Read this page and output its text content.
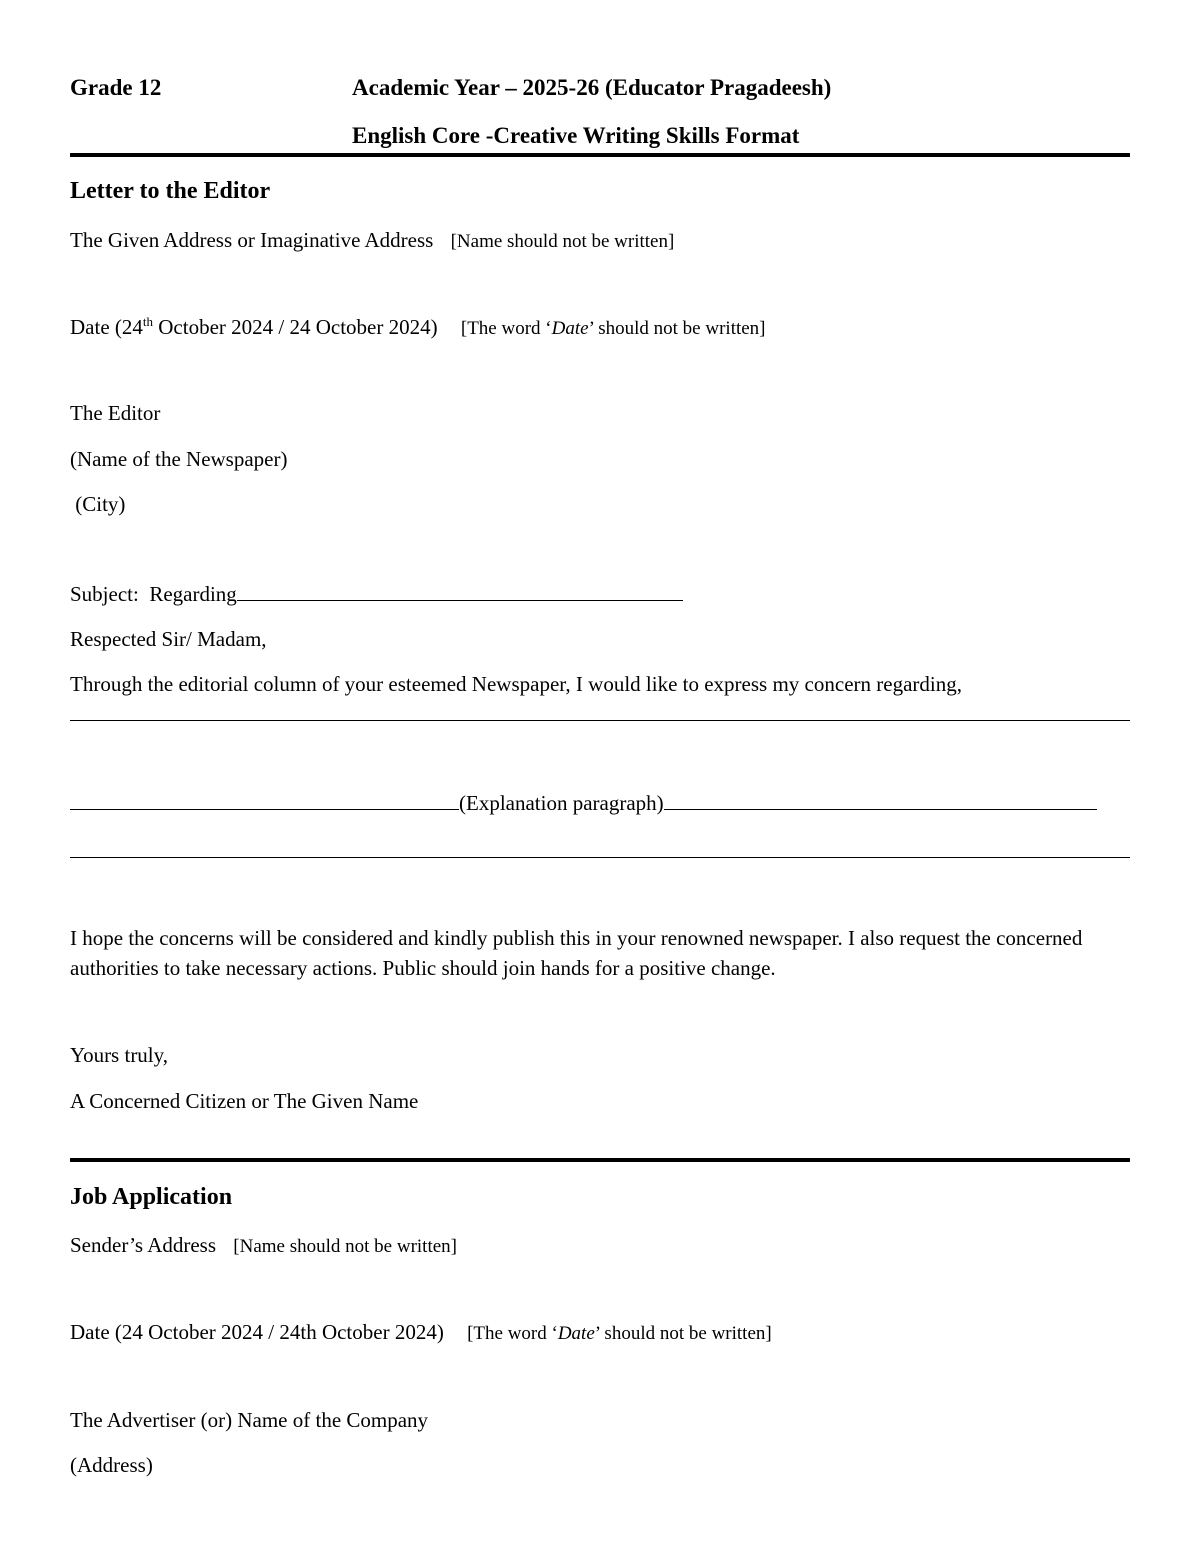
Grade 12	Academic Year – 2025-26 (Educator Pragadeesh)

English Core -Creative Writing Skills Format

Letter to the Editor

The Given Address or Imaginative Address [Name should not be written]

Date (24th October 2024 / 24 October 2024) [The word ‘Date’ should not be written]

The Editor

(Name of the Newspaper)

(City)

Subject:  Regarding

Respected Sir/ Madam,

Through the editorial column of your esteemed Newspaper, I would like to express my concern regarding,

(Explanation paragraph)

I hope the concerns will be considered and kindly publish this in your renowned newspaper. I also request the concerned authorities to take necessary actions. Public should join hands for a positive change.

Yours truly,

A Concerned Citizen or The Given Name

Job Application

Sender’s Address [Name should not be written]

Date (24 October 2024 / 24th October 2024) [The word ‘Date’ should not be written]

The Advertiser (or) Name of the Company

(Address)
